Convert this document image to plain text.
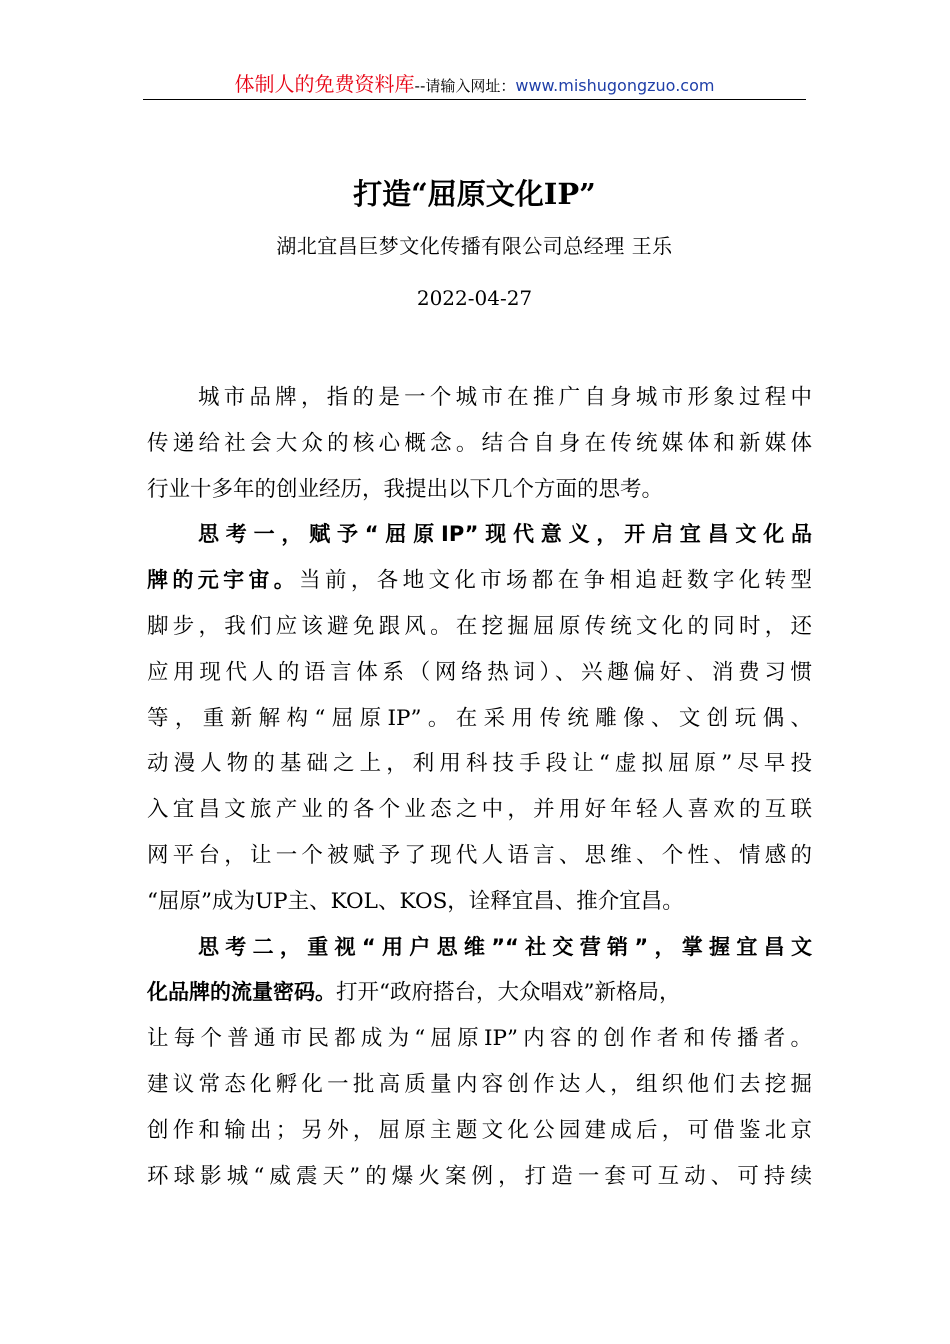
体制人的免费资料库--请输入网址：www.mishugongzuo.com
打造“屈原文化IP”
湖北宜昌巨梦文化传播有限公司总经理 王乐
2022-04-27
城市品牌，指的是一个城市在推广自身城市形象过程中
传递给社会大众的核心概念。结合自身在传统媒体和新媒体
行业十多年的创业经历，我提出以下几个方面的思考。
思考一，赋予“屈原IP”现代意义，开启宜昌文化品
牌的元宇宙。当前，各地文化市场都在争相追赶数字化转型
脚步，我们应该避免跟风。在挖掘屈原传统文化的同时，还
应用现代人的语言体系（网络热词）、兴趣偏好、消费习惯
等，重新解构“屈原IP”。在采用传统雕像、文创玩偶、
动漫人物的基础之上，利用科技手段让“虚拟屈原”尽早投
入宜昌文旅产业的各个业态之中，并用好年轻人喜欢的互联
网平台，让一个被赋予了现代人语言、思维、个性、情感的
“屈原”成为UP主、KOL、KOS，诠释宜昌、推介宜昌。
思考二，重视“用户思维”“社交营销”，掌握宜昌文
化品牌的流量密码。打开“政府搭台，大众唱戏”新格局，
让每个普通市民都成为“屈原IP”内容的创作者和传播者。
建议常态化孵化一批高质量内容创作达人，组织他们去挖掘
创作和输出；另外，屈原主题文化公园建成后，可借鉴北京
环球影城“威震天”的爆火案例，打造一套可互动、可持续
